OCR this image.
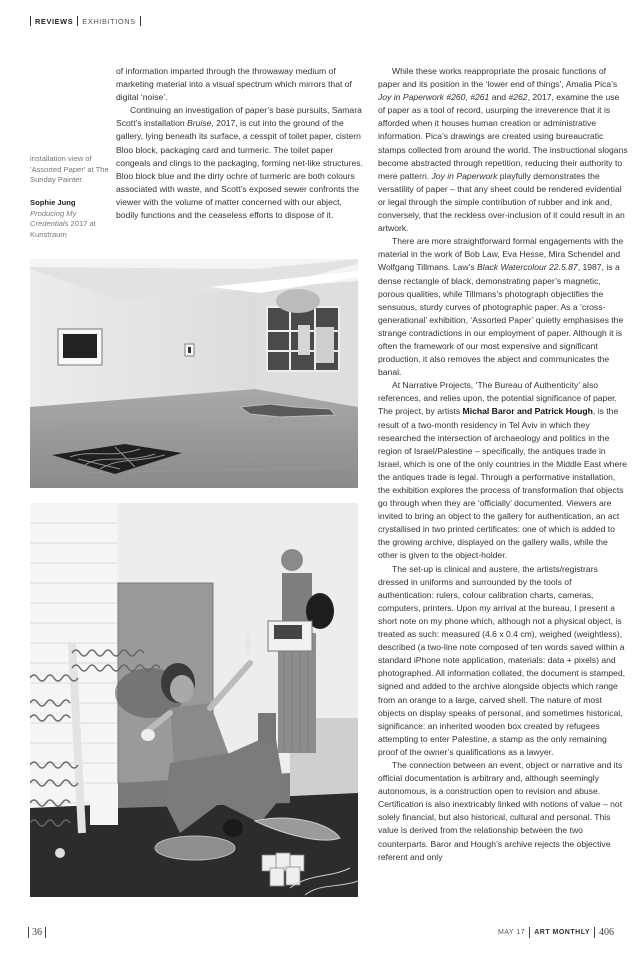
REVIEWS EXHIBITIONS
installation view of 'Assorted Paper' at The Sunday Painter
Sophie Jung
Producing My Credentials 2017 at Kunstraum

of information imparted through the throwaway medium of marketing material into a visual spectrum which mirrors that of digital ‘noise’.

Continuing an investigation of paper’s base pursuits, Samara Scott’s installation Bruise, 2017, is cut into the ground of the gallery, lying beneath its surface, a cesspit of toilet paper, cistern Bloo block, packaging card and turmeric. The toilet paper congeals and clings to the packaging, forming net-like structures. Bloo block blue and the dirty ochre of turmeric are both colours associated with waste, and Scott’s exposed sewer confronts the viewer with the volume of matter concerned with our abject, bodily functions and the ceaseless efforts to dispose of it.

While these works reappropriate the prosaic functions of paper and its position in the ‘lower end of things’, Amalia Pica’s Joy in Paperwork #260, #261 and #262, 2017, examine the use of paper as a tool of record, usurping the irreverence that it is afforded when it houses human creation or administrative information. Pica’s drawings are created using bureaucratic stamps collected from around the world. The instructional slogans become abstracted through repetition, reducing their authority to mere pattern. Joy in Paperwork playfully demonstrates the versatility of paper – that any sheet could be rendered evidential or legal through the simple contribution of rubber and ink and, conversely, that the reckless over-inclusion of it could result in an artwork.

There are more straightforward formal engagements with the material in the work of Bob Law, Eva Hesse, Mira Schendel and Wolfgang Tillmans. Law’s Black Watercolour 22.5.87, 1987, is a dense rectangle of black, demonstrating paper’s magnetic, porous qualities, while Tillmans’s photograph objectifies the sensuous, sturdy curves of photographic paper. As a ‘cross-generational’ exhibition, ‘Assorted Paper’ quietly emphasises the strange contradictions in our employment of paper. Although it is often the framework of our most expensive and significant production, it also removes the abject and communicates the banal.

At Narrative Projects, ‘The Bureau of Authenticity’ also references, and relies upon, the potential significance of paper. The project, by artists Michal Baror and Patrick Hough, is the result of a two-month residency in Tel Aviv in which they researched the intersection of archaeology and politics in the region of Israel/Palestine – specifically, the antiques trade in Israel, which is one of the only countries in the Middle East where the antiques trade is legal. Through a performative installation, the exhibition explores the process of transformation that objects go through when they are ‘officially’ documented. Viewers are invited to bring an object to the gallery for authentication, an act crystallised in two printed certificates: one of which is added to the growing archive, displayed on the gallery walls, while the other is given to the object-holder.

The set-up is clinical and austere, the artists/registrars dressed in uniforms and surrounded by the tools of authentication: rulers, colour calibration charts, cameras, computers, printers. Upon my arrival at the bureau, I present a short note on my phone which, although not a physical object, is treated as such: measured (4.6 x 0.4 cm), weighed (weightless), described (a two-line note composed of ten words saved within a standard iPhone note application, materials: data + pixels) and photographed. All information collated, the document is stamped, signed and added to the archive alongside objects which range from an orange to a large, carved shell. The nature of most objects on display speaks of personal, and sometimes historical, significance: an inherited wooden box created by refugees attempting to enter Palestine, a stamp as the only remaining proof of the owner’s qualifications as a lawyer.

The connection between an event, object or narrative and its official documentation is arbitrary and, although seemingly autonomous, is a construction open to revision and abuse. Certification is also inextricably linked with notions of value – not solely financial, but also historical, cultural and personal. This value is derived from the relationship between the two counterparts. Baror and Hough’s archive rejects the objective referent and only

36	MAY 17 ART MONTHLY 406
